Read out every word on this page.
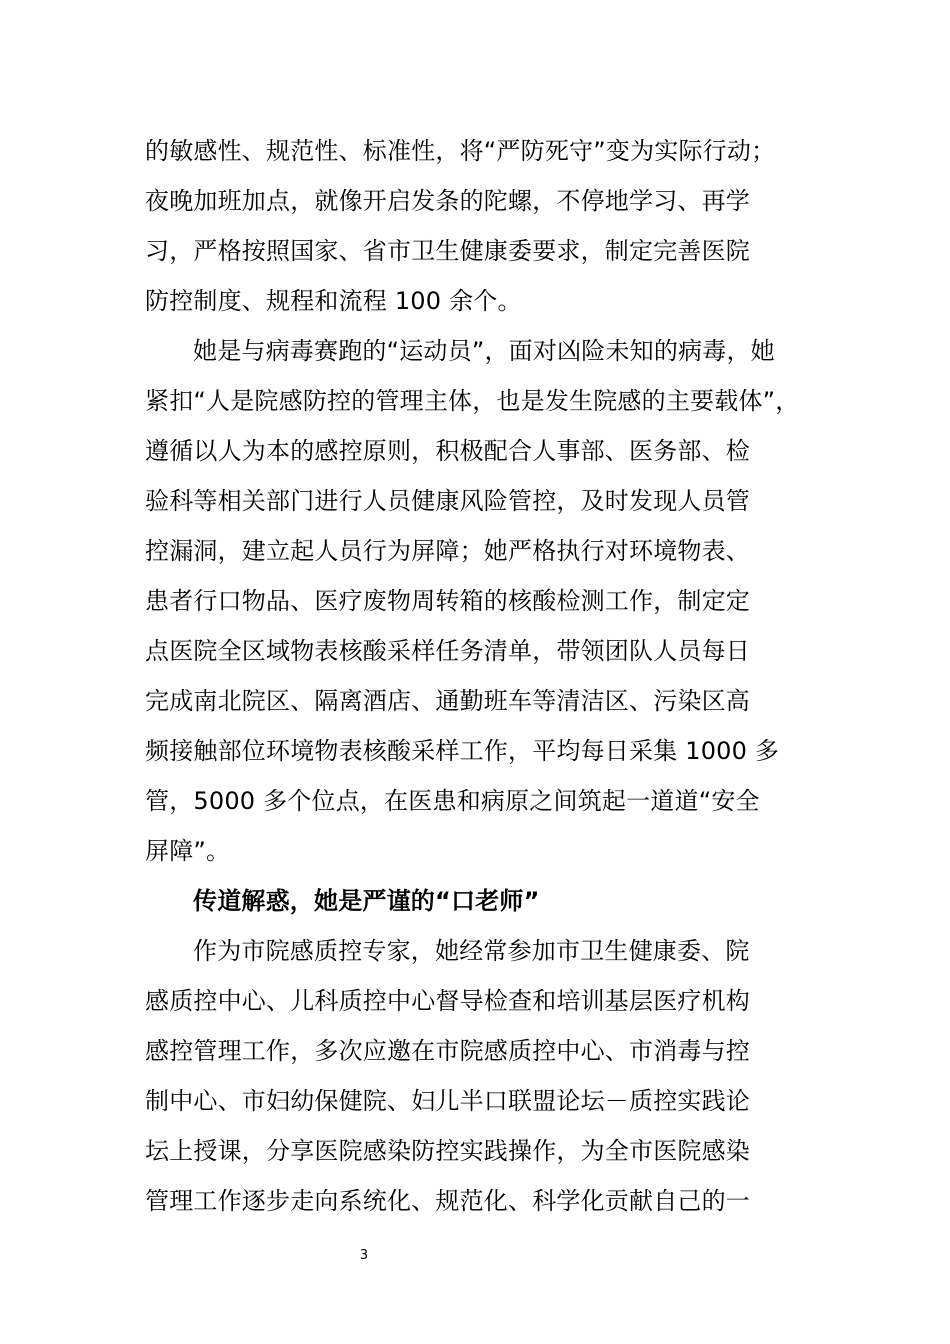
的敏感性、规范性、标准性，将“严防死守”变为实际行动；
夜晚加班加点，就像开启发条的陀螺，不停地学习、再学
习，严格按照国家、省市卫生健康委要求，制定完善医院
防控制度、规程和流程 100 余个。
她是与病毒赛跑的“运动员”，面对凶险未知的病毒，她
紧扣“人是院感防控的管理主体，也是发生院感的主要载体”，
遵循以人为本的感控原则，积极配合人事部、医务部、检
验科等相关部门进行人员健康风险管控，及时发现人员管
控漏洞，建立起人员行为屏障；她严格执行对环境物表、
患者行口物品、医疗废物周转箱的核酸检测工作，制定定
点医院全区域物表核酸采样任务清单，带领团队人员每日
完成南北院区、隔离酒店、通勤班车等清洁区、污染区高
频接触部位环境物表核酸采样工作，平均每日采集 1000 多
管，5000 多个位点，在医患和病原之间筑起一道道“安全
屏障”。
传道解惑，她是严谨的“口老师”
作为市院感质控专家，她经常参加市卫生健康委、院
感质控中心、儿科质控中心督导检查和培训基层医疗机构
感控管理工作，多次应邀在市院感质控中心、市消毒与控
制中心、市妇幼保健院、妇儿半口联盟论坛－质控实践论
坛上授课，分享医院感染防控实践操作，为全市医院感染
管理工作逐步走向系统化、规范化、科学化贡献自己的一
3
